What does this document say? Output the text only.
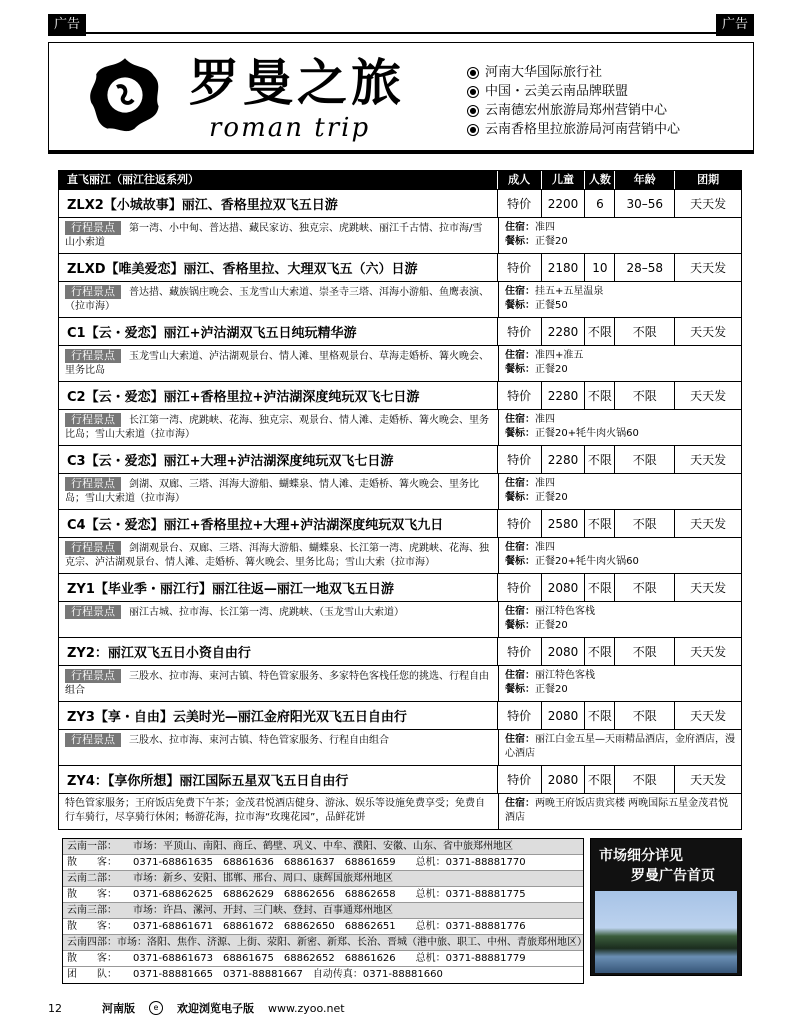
广告	广告
罗曼之旅
roman trip
● 河南大华国际旅行社
● 中国・云美云南品牌联盟
● 云南德宏州旅游局郑州营销中心
● 云南香格里拉旅游局河南营销中心
直飞丽江（丽江往返系列）	成人	儿童	人数	年龄	团期
ZLX2【小城故事】丽江、香格里拉双飞五日游	特价	2200	6	30–56	天天发
行程景点 第一湾、小中甸、普达措、藏民家访、独克宗、虎跳峡、丽江千古情、拉市海/雪山小索道
住宿：准四
餐标：正餐20
ZLXD【唯美爱恋】丽江、香格里拉、大理双飞五（六）日游	特价	2180	10	28–58	天天发
行程景点 普达措、藏族锅庄晚会、玉龙雪山大索道、崇圣寺三塔、洱海小游船、鱼鹰表演、（拉市海）
住宿：挂五+五星温泉
餐标：正餐50
C1【云・爱恋】丽江+泸沽湖双飞五日纯玩精华游	特价	2280 不限	不限	天天发
行程景点 玉龙雪山大索道、泸沽湖观景台、情人滩、里格观景台、草海走婚桥、篝火晚会、里务比岛
住宿：准四+准五
餐标：正餐20
C2【云・爱恋】丽江+香格里拉+泸沽湖深度纯玩双飞七日游	特价	2280 不限	不限	天天发
行程景点 长江第一湾、虎跳峡、花海、独克宗、观景台、情人滩、走婚桥、篝火晚会、里务比岛；雪山大索道（拉市海）
住宿：准四
餐标：正餐20+牦牛肉火锅60
C3【云・爱恋】丽江+大理+泸沽湖深度纯玩双飞七日游	特价	2280 不限	不限	天天发
行程景点 剑湖、双廊、三塔、洱海大游船、蝴蝶泉、情人滩、走婚桥、篝火晚会、里务比岛；雪山大索道（拉市海）
住宿：准四
餐标：正餐20
C4【云・爱恋】丽江+香格里拉+大理+泸沽湖深度纯玩双飞九日	特价	2580 不限	不限	天天发
行程景点 剑湖观景台、双廊、三塔、洱海大游船、蝴蝶泉、长江第一湾、虎跳峡、花海、独克宗、泸沽湖观景台、情人滩、走婚桥、篝火晚会、里务比岛；雪山大索（拉市海）
住宿：准四
餐标：正餐20+牦牛肉火锅60
ZY1【毕业季・丽江行】丽江往返—丽江一地双飞五日游	特价	2080 不限	不限	天天发
行程景点 丽江古城、拉市海、长江第一湾、虎跳峡、（玉龙雪山大索道）	住宿：丽江特色客栈
餐标：正餐20
ZY2：丽江双飞五日小资自由行	特价	2080 不限	不限	天天发
行程景点 三股水、拉市海、束河古镇、特色管家服务、多家特色客栈任您的挑选、行程自由组合
住宿：丽江特色客栈
餐标：正餐20
ZY3【享・自由】云美时光—丽江金府阳光双飞五日自由行	特价	2080 不限	不限	天天发
行程景点 三股水、拉市海、束河古镇、特色管家服务、行程自由组合	住宿：丽江白金五星—天雨精品酒店，金府酒店，漫心酒店
ZY4：【享你所想】丽江国际五星双飞五日自由行	特价	2080 不限	不限	天天发
特色管家服务；王府饭店免费下午茶；金茂君悦酒店健身、游泳、娱乐等设施免费享受；免费自行车骑行，尽享骑行休闲；畅游花海，拉市海“玫瑰花园”，品鲜花饼
住宿：两晚王府饭店贵宾楼 两晚国际五星金茂君悦酒店
云南一部：	市场：平顶山、南阳、商丘、鹤壁、巩义、中牟、濮阳、安徽、山东、省中旅郑州地区
散　　客：	0371-68861635　68861636　68861637　68861659　　总机：0371-88881770
云南二部：	市场：新乡、安阳、邯郸、邢台、周口、康辉国旅郑州地区
散　　客：	0371-68862625　68862629　68862656　68862658　　总机：0371-88881775
云南三部：	市场：许昌、漯河、开封、三门峡、登封、百事通郑州地区
散　　客：	0371-68861671　68861672　68862650　68862651　　总机：0371-88881776
云南四部： 市场：洛阳、焦作、济源、上街、荥阳、新密、新郑、长治、晋城（港中旅、职工、中州、青旅郑州地区）
散　　客：	0371-68861673　68861675　68862652　68861626　　总机：0371-88881779
团　　队：	0371-88881665　0371-88881667　自动传真：0371-88881660
市场细分详见
罗曼广告首页
12	河南版	e	欢迎浏览电子版 www.zyoo.net
